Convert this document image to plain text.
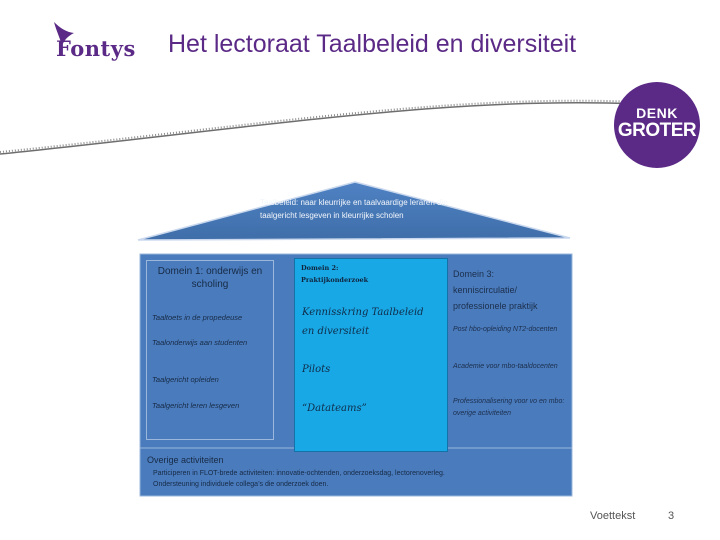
Fontys Het lectoraat Taalbeleid en diversiteit
DENK
GROTER
Taalbeleid: naar kleurrijke en taalvaardige leraren die taalgericht lesgeven in kleurrijke scholen
Domein 1: onderwijs en scholing
Taaltoets in de propedeuse
Taalonderwijs aan studenten
Taalgericht opleiden
Taalgericht leren lesgeven
Domein 2:
Praktijkonderzoek
Kennisskring Taalbeleid
en diversiteit
Pilots
“Datateams”
Domein 3:
kenniscirculatie/
professionele praktijk
Post hbo-opleiding NT2-docenten
Academie voor mbo-taaldocenten
Professionalisering voor vo en mbo: overige activiteiten
Overige activiteiten
Participeren in FLOT-brede activiteiten: innovatie-ochtenden, onderzoeksdag, lectorenoverleg.
Ondersteuning individuele collega’s die onderzoek doen.
Voettekst	3
